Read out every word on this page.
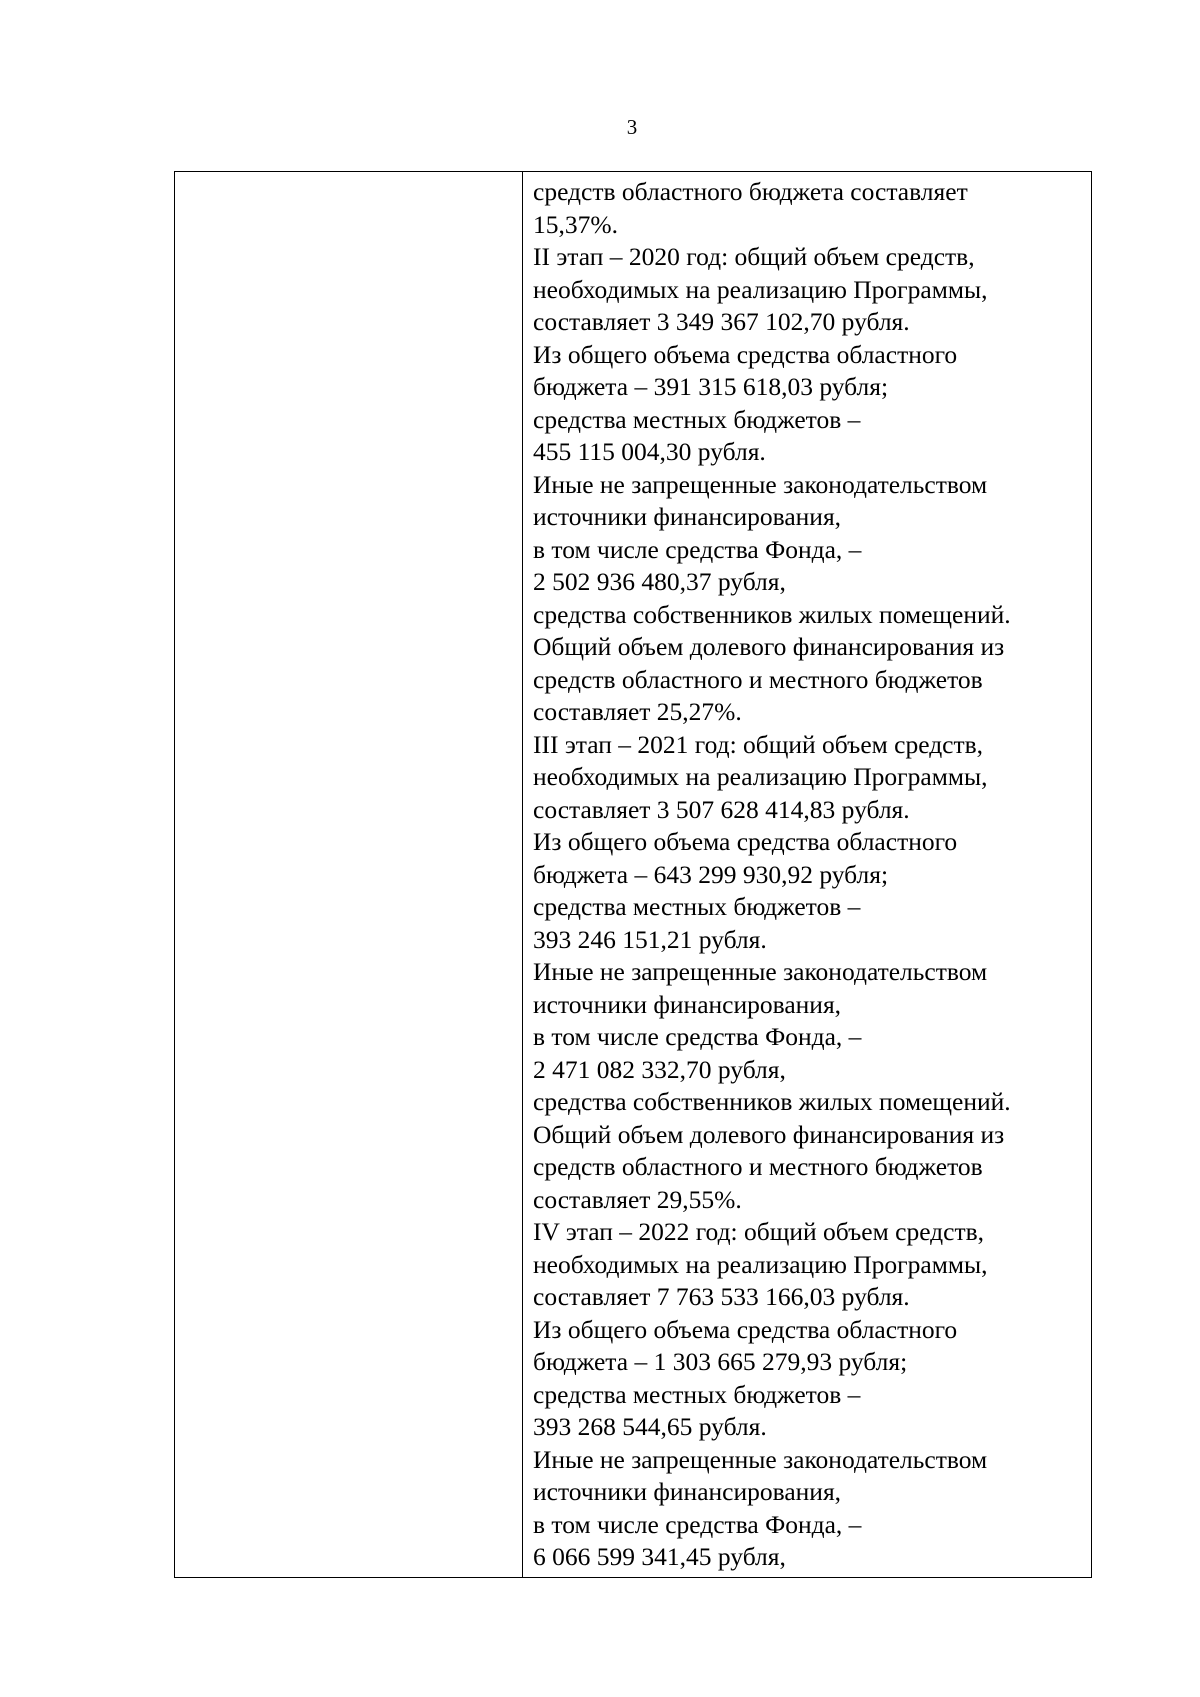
3
средств областного бюджета составляет
15,37%.
II этап – 2020 год: общий объем средств,
необходимых на реализацию Программы,
составляет 3 349 367 102,70 рубля.
Из общего объема средства областного
бюджета – 391 315 618,03 рубля;
средства местных бюджетов –
455 115 004,30 рубля.
Иные не запрещенные законодательством
источники финансирования,
в том числе средства Фонда, –
2 502 936 480,37 рубля,
средства собственников жилых помещений.
Общий объем долевого финансирования из
средств областного и местного бюджетов
составляет 25,27%.
III этап – 2021 год: общий объем средств,
необходимых на реализацию Программы,
составляет 3 507 628 414,83 рубля.
Из общего объема средства областного
бюджета – 643 299 930,92 рубля;
средства местных бюджетов –
393 246 151,21 рубля.
Иные не запрещенные законодательством
источники финансирования,
в том числе средства Фонда, –
2 471 082 332,70 рубля,
средства собственников жилых помещений.
Общий объем долевого финансирования из
средств областного и местного бюджетов
составляет 29,55%.
IV этап – 2022 год: общий объем средств,
необходимых на реализацию Программы,
составляет 7 763 533 166,03 рубля.
Из общего объема средства областного
бюджета – 1 303 665 279,93 рубля;
средства местных бюджетов –
393 268 544,65 рубля.
Иные не запрещенные законодательством
источники финансирования,
в том числе средства Фонда, –
6 066 599 341,45 рубля,
